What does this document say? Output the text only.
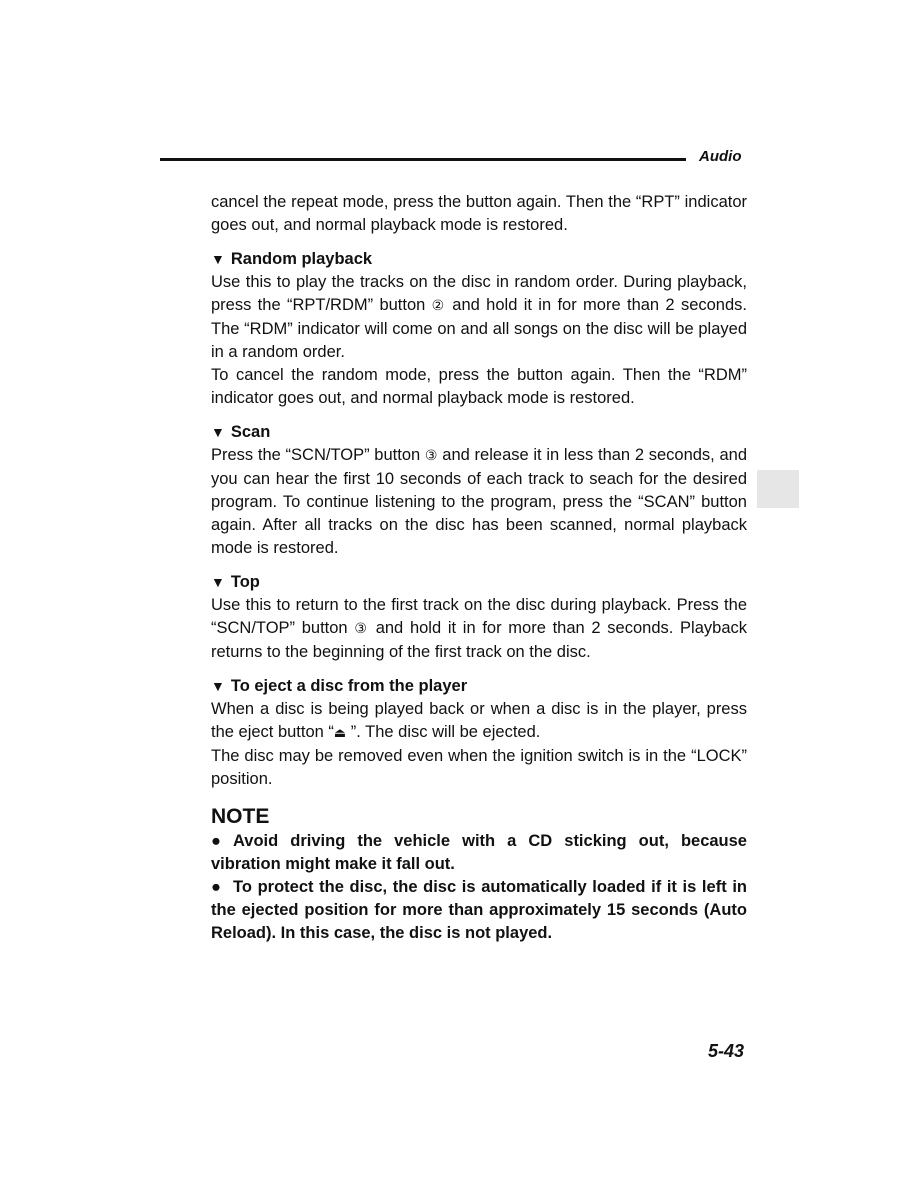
Audio

cancel the repeat mode, press the button again. Then the “RPT” indicator goes out, and normal playback mode is restored.

▼ Random playback

Use this to play the tracks on the disc in random order. During playback, press the “RPT/RDM” button ② and hold it in for more than 2 seconds. The “RDM” indicator will come on and all songs on the disc will be played in a random order.

To cancel the random mode, press the button again. Then the “RDM” indicator goes out, and normal playback mode is restored.

▼ Scan

Press the “SCN/TOP” button ③ and release it in less than 2 seconds, and you can hear the first 10 seconds of each track to seach for the desired program. To continue listening to the program, press the “SCAN” button again. After all tracks on the disc has been scanned, normal playback mode is restored.

▼ Top

Use this to return to the first track on the disc during playback. Press the “SCN/TOP” button ③ and hold it in for more than 2 seconds. Playback returns to the beginning of the first track on the disc.

▼ To eject a disc from the player

When a disc is being played back or when a disc is in the player, press the eject button “⏏ ”. The disc will be ejected.

The disc may be removed even when the ignition switch is in the “LOCK” position.

NOTE

● Avoid driving the vehicle with a CD sticking out, because vibration might make it fall out.

● To protect the disc, the disc is automatically loaded if it is left in the ejected position for more than approximately 15 seconds (Auto Reload). In this case, the disc is not played.

5-43
